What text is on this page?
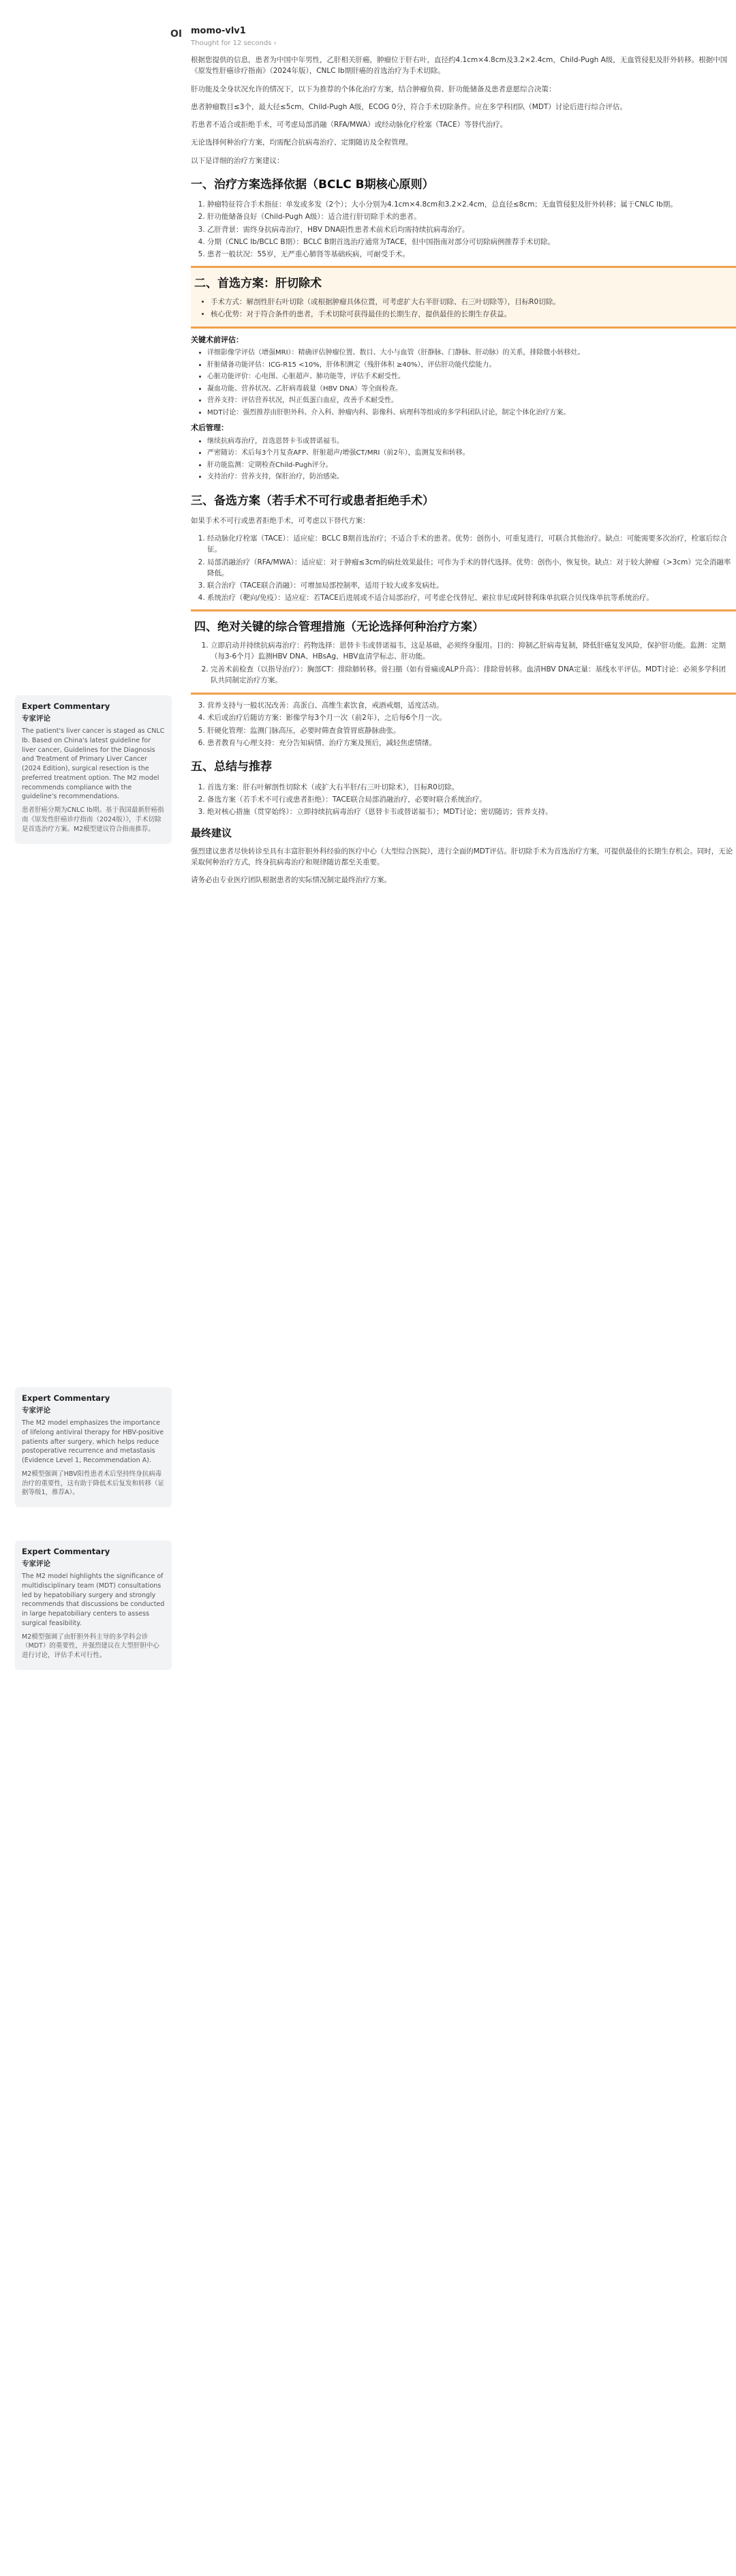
OI momo-vlv1
Thought for 12 seconds ›
Expert Commentary
专家评论
The patient's liver cancer is staged as CNLC Ib. Based on China's latest guideline for liver cancer, Guidelines for the Diagnosis and Treatment of Primary Liver Cancer (2024 Edition), surgical resection is the preferred treatment option. The M2 model recommends compliance with the guideline's recommendations.
患者肝癌分期为CNLC Ib期。基于我国最新肝癌指南《原发性肝癌诊疗指南（2024版）》，手术切除是首选治疗方案。M2模型建议符合指南推荐。
Expert Commentary
专家评论
The M2 model emphasizes the importance of lifelong antiviral therapy for HBV-positive patients after surgery, which helps reduce postoperative recurrence and metastasis (Evidence Level 1, Recommendation A).
M2模型强调了HBV阳性患者术后坚持终身抗病毒治疗的重要性，这有助于降低术后复发和转移（证据等级1，推荐A）。
Expert Commentary
专家评论
The M2 model highlights the significance of multidisciplinary team (MDT) consultations led by hepatobiliary surgery and strongly recommends that discussions be conducted in large hepatobiliary centers to assess surgical feasibility.
M2模型强调了由肝胆外科主导的多学科会诊（MDT）的重要性，并强烈建议在大型肝胆中心进行讨论，评估手术可行性。

根据您提供的信息，患者为中国中年男性，乙肝相关肝癌，肿瘤位于肝右叶，直径约4.1cm×4.8cm及3.2×2.4cm，Child-Pugh A级，无血管侵犯及肝外转移。根据中国《原发性肝癌诊疗指南》（2024年版），CNLC Ib期肝癌的首选治疗为手术切除。

肝功能及全身状况允许的情况下，以下为推荐的个体化治疗方案，结合肿瘤负荷、肝功能储备及患者意愿综合决策：

患者肿瘤数目≤3个，最大径≤5cm，Child-Pugh A级，ECOG 0分，符合手术切除条件。应在多学科团队（MDT）讨论后进行综合评估。

若患者不适合或拒绝手术，可考虑局部消融（RFA/MWA）或经动脉化疗栓塞（TACE）等替代治疗。

无论选择何种治疗方案，均需配合抗病毒治疗、定期随访及全程管理。

以下是详细的治疗方案建议：

一、治疗方案选择依据（BCLC B期核心原则）
1. 肿瘤特征符合手术指征：单发或多发（2个）；大小分别为4.1cm×4.8cm和3.2×2.4cm，总直径≤8cm；无血管侵犯及肝外转移；属于CNLC Ib期。
2. 肝功能储备良好（Child-Pugh A级）：适合进行肝切除手术的患者。
3. 乙肝背景：需终身抗病毒治疗，HBV DNA阳性患者术前术后均需持续抗病毒治疗。
4. 分期（CNLC Ib/BCLC B期）：BCLC B期首选治疗通常为TACE，但中国指南对部分可切除病例推荐手术切除。
5. 患者一般状况：55岁，无严重心肺肾等基础疾病，可耐受手术。
二、首选方案：肝切除术
• 手术方式：解剖性肝右叶切除（或根据肿瘤具体位置，可考虑扩大右半肝切除、右三叶切除等），目标R0切除。
• 核心优势：对于符合条件的患者，手术切除可获得最佳的长期生存，提供最佳的长期生存获益。
关键术前评估：
• 详细影像学评估（增强MRI）：精确评估肿瘤位置、数目、大小与血管（肝静脉、门静脉、肝动脉）的关系，排除微小转移灶。
• 肝脏储备功能评估：ICG-R15 <10%，肝体积测定（残肝体积 ≥40%），评估肝功能代偿能力。
• 心脏功能评价：心电图、心脏超声、肺功能等，评估手术耐受性。
• 凝血功能、营养状况、乙肝病毒载量（HBV DNA）等全面检查。
• 营养支持：评估营养状况，纠正低蛋白血症，改善手术耐受性。
• MDT讨论：强烈推荐由肝胆外科、介入科、肿瘤内科、影像科、病理科等组成的多学科团队讨论，制定个体化治疗方案。
术后管理：
• 继续抗病毒治疗，首选恩替卡韦或替诺福韦。
• 严密随访：术后每3个月复查AFP、肝脏超声/增强CT/MRI（前2年），监测复发和转移。
• 肝功能监测：定期检查Child-Pugh评分。
• 支持治疗：营养支持，保肝治疗，防治感染。
三、备选方案（若手术不可行或患者拒绝手术）

如果手术不可行或患者拒绝手术，可考虑以下替代方案：

1. 经动脉化疗栓塞（TACE）：适应症：BCLC B期首选治疗；不适合手术的患者。优势：创伤小，可重复进行，可联合其他治疗。缺点：可能需要多次治疗，栓塞后综合征。
2. 局部消融治疗（RFA/MWA）：适应症：对于肿瘤≤3cm的病灶效果最佳；可作为手术的替代选择。优势：创伤小，恢复快。缺点：对于较大肿瘤（>3cm）完全消融率降低。
3. 联合治疗（TACE联合消融）：可增加局部控制率，适用于较大或多发病灶。
4. 系统治疗（靶向/免疫）：适应症：若TACE后进展或不适合局部治疗，可考虑仑伐替尼、索拉非尼或阿替利珠单抗联合贝伐珠单抗等系统治疗。
四、绝对关键的综合管理措施（无论选择何种治疗方案）
1. 立即启动并持续抗病毒治疗：药物选择：恩替卡韦或替诺福韦，这是基础，必须终身服用。目的：抑制乙肝病毒复制，降低肝癌复发风险，保护肝功能。监测：定期（每3-6个月）监测HBV DNA、HBsAg、HBV血清学标志、肝功能。
2. 完善术前检查（以指导治疗）：胸部CT：排除肺转移。骨扫描（如有骨痛或ALP升高）：排除骨转移。血清HBV DNA定量：基线水平评估。MDT讨论：必须多学科团队共同制定治疗方案。
3. 营养支持与一般状况改善：高蛋白、高维生素饮食，戒酒戒烟，适度活动。
4. 术后或治疗后随访方案：影像学每3个月一次（前2年），之后每6个月一次。
5. 肝硬化管理：监测门脉高压，必要时筛查食管胃底静脉曲张。
6. 患者教育与心理支持：充分告知病情、治疗方案及预后，减轻焦虑情绪。
五、总结与推荐
1. 首选方案：肝右叶解剖性切除术（或扩大右半肝/右三叶切除术），目标R0切除。
2. 备选方案（若手术不可行或患者拒绝）：TACE联合局部消融治疗，必要时联合系统治疗。
3. 绝对核心措施（贯穿始终）：立即持续抗病毒治疗（恩替卡韦或替诺福韦）；MDT讨论；密切随访；营养支持。
最终建议

强烈建议患者尽快转诊至具有丰富肝胆外科经验的医疗中心（大型综合医院），进行全面的MDT评估。肝切除手术为首选治疗方案，可提供最佳的长期生存机会。同时，无论采取何种治疗方式，终身抗病毒治疗和规律随访都至关重要。

请务必由专业医疗团队根据患者的实际情况制定最终治疗方案。
